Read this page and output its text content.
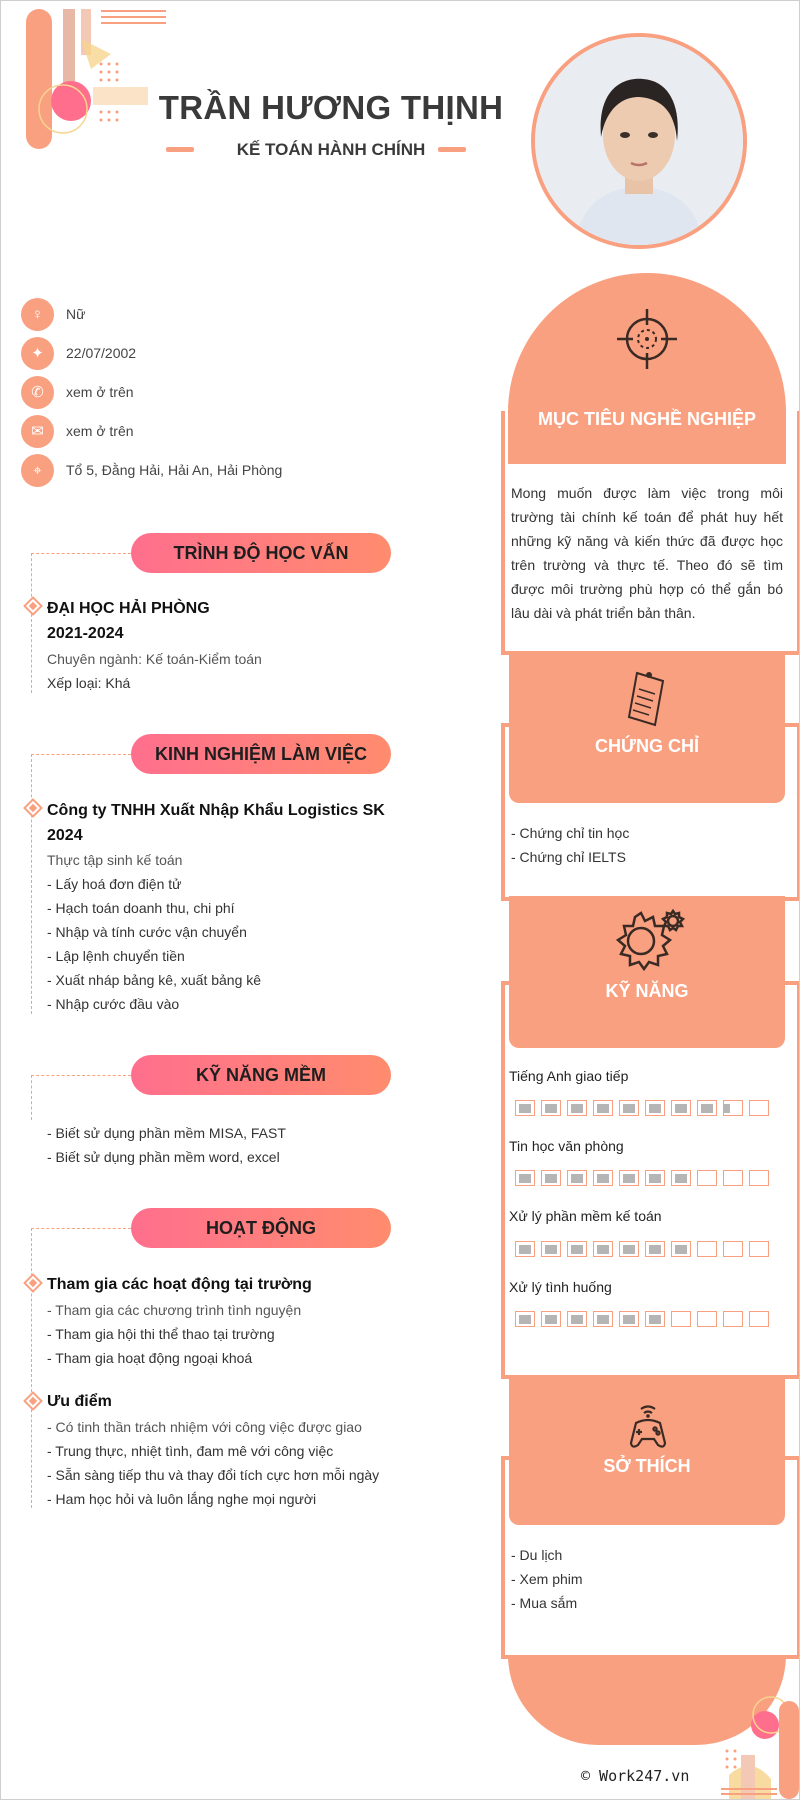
TRẦN HƯƠNG THỊNH
KẾ TOÁN HÀNH CHÍNH
♀	Nữ
✦	22/07/2002
✆	xem ở trên
✉	xem ở trên
⌖	Tổ 5, Đằng Hải, Hải An, Hải Phòng
TRÌNH ĐỘ HỌC VẤN
ĐẠI HỌC HẢI PHÒNG
2021-2024
Chuyên ngành: Kế toán-Kiểm toán
Xếp loại: Khá
KINH NGHIỆM LÀM VIỆC
Công ty TNHH Xuất Nhập Khẩu Logistics SK
2024
Thực tập sinh kế toán
- Lấy hoá đơn điện tử
- Hạch toán doanh thu, chi phí
- Nhập và tính cước vận chuyển
- Lập lệnh chuyển tiền
- Xuất nháp bảng kê, xuất bảng kê
- Nhập cước đầu vào
KỸ NĂNG MỀM
- Biết sử dụng phần mềm MISA, FAST
- Biết sử dụng phần mềm word, excel
HOẠT ĐỘNG
Tham gia các hoạt động tại trường
- Tham gia các chương trình tình nguyện
- Tham gia hội thi thể thao tại trường
- Tham gia hoạt động ngoại khoá
Ưu điểm
- Có tinh thần trách nhiệm với công việc được giao
- Trung thực, nhiệt tình, đam mê với công việc
- Sẵn sàng tiếp thu và thay đổi tích cực hơn mỗi ngày
- Ham học hỏi và luôn lắng nghe mọi người
MỤC TIÊU NGHỀ NGHIỆP
Mong muốn được làm việc trong môi trường tài chính kế toán để phát huy hết những kỹ năng và kiến thức đã được học trên trường và thực tế. Theo đó sẽ tìm được môi trường phù hợp có thể gắn bó lâu dài và phát triển bản thân.
CHỨNG CHỈ
- Chứng chỉ tin học
- Chứng chỉ IELTS
KỸ NĂNG
Tiếng Anh giao tiếp
Tin học văn phòng
Xử lý phần mềm kế toán
Xử lý tình huống
SỞ THÍCH
- Du lịch
- Xem phim
- Mua sắm
© Work247.vn
